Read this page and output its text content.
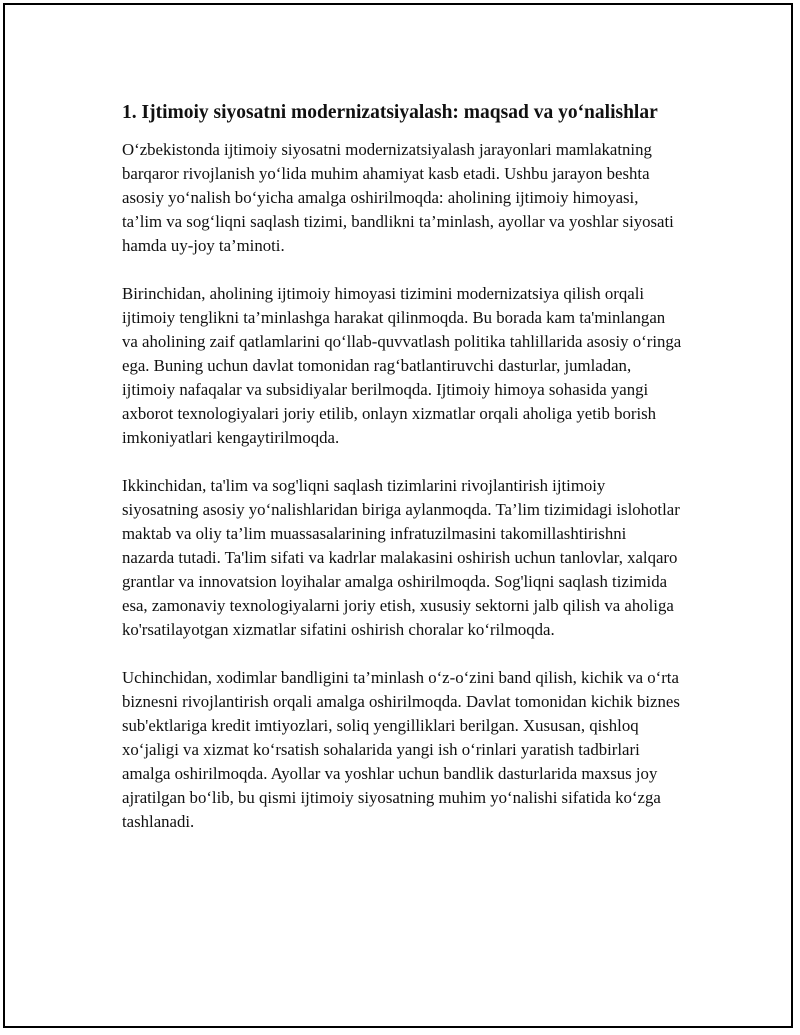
1. Ijtimoiy siyosatni modernizatsiyalash: maqsad va yo‘nalishlar

O‘zbekistonda ijtimoiy siyosatni modernizatsiyalash jarayonlari mamlakatning barqaror rivojlanish yo‘lida muhim ahamiyat kasb etadi. Ushbu jarayon beshta asosiy yo‘nalish bo‘yicha amalga oshirilmoqda: aholining ijtimoiy himoyasi, ta’lim va sog‘liqni saqlash tizimi, bandlikni ta’minlash, ayollar va yoshlar siyosati hamda uy-joy ta’minoti.

Birinchidan, aholining ijtimoiy himoyasi tizimini modernizatsiya qilish orqali ijtimoiy tenglikni ta’minlashga harakat qilinmoqda. Bu borada kam ta'minlangan va aholining zaif qatlamlarini qo‘llab-quvvatlash politika tahlillarida asosiy o‘ringa ega. Buning uchun davlat tomonidan rag‘batlantiruvchi dasturlar, jumladan, ijtimoiy nafaqalar va subsidiyalar berilmoqda. Ijtimoiy himoya sohasida yangi axborot texnologiyalari joriy etilib, onlayn xizmatlar orqali aholiga yetib borish imkoniyatlari kengaytirilmoqda.

Ikkinchidan, ta'lim va sog'liqni saqlash tizimlarini rivojlantirish ijtimoiy siyosatning asosiy yo‘nalishlaridan biriga aylanmoqda. Ta’lim tizimidagi islohotlar maktab va oliy ta’lim muassasalarining infratuzilmasini takomillashtirishni nazarda tutadi. Ta'lim sifati va kadrlar malakasini oshirish uchun tanlovlar, xalqaro grantlar va innovatsion loyihalar amalga oshirilmoqda. Sog'liqni saqlash tizimida esa, zamonaviy texnologiyalarni joriy etish, xususiy sektorni jalb qilish va aholiga ko'rsatilayotgan xizmatlar sifatini oshirish choralar ko‘rilmoqda.

Uchinchidan, xodimlar bandligini ta’minlash o‘z-o‘zini band qilish, kichik va o‘rta biznesni rivojlantirish orqali amalga oshirilmoqda. Davlat tomonidan kichik biznes sub'ektlariga kredit imtiyozlari, soliq yengilliklari berilgan. Xususan, qishloq xo‘jaligi va xizmat ko‘rsatish sohalarida yangi ish o‘rinlari yaratish tadbirlari amalga oshirilmoqda. Ayollar va yoshlar uchun bandlik dasturlarida maxsus joy ajratilgan bo‘lib, bu qismi ijtimoiy siyosatning muhim yo‘nalishi sifatida ko‘zga tashlanadi.
